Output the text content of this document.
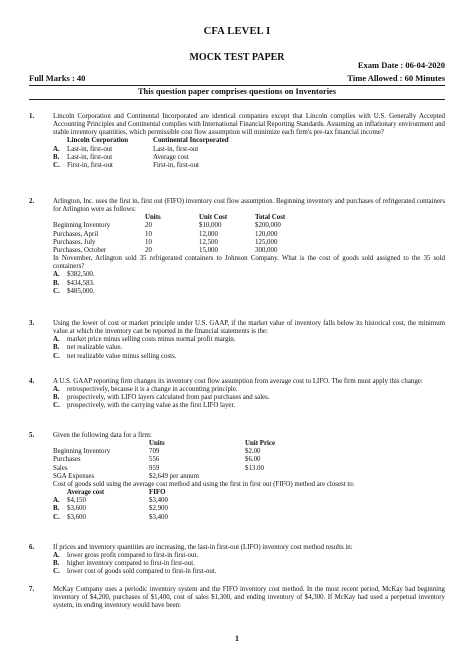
CFA LEVEL I
MOCK TEST PAPER
Exam Date : 06-04-2020
Full Marks : 40	Time Allowed : 60 Minutes
This question paper comprises questions on Inventories
1.	Lincoln Corporation and Continental Incorporated are identical companies except that Lincoln complies with U.S. Generally Accepted Accounting Principles and Continental complies with International Financial Reporting Standards. Assuming an inflationary environment and stable inventory quantities, which permissible cost flow assumption will minimize each firm's pre-tax financial income?
Lincoln Corporation	Continental Incorporated
A.	Last-in, first-out	Last-in, first-out
B.	Last-in, first-out	Average cost
C.	First-in, first-out	First-in, first-out
2.	Arlington, Inc. uses the first in, first out (FIFO) inventory cost flow assumption. Beginning inventory and purchases of refrigerated containers for Arlington were as follows:
Units	Unit Cost	Total Cost
Beginning Inventory	20	$10,000	$200,000
Purchases, April	10	12,000	120,000
Purchases, July	10	12,500	125,000
Purchases, October	20	15,000	300,000
In November, Arlington sold 35 refrigerated containers to Johnson Company. What is the cost of goods sold assigned to the 35 sold containers?
A. $382,500.
B. $434,583.
C. $485,000.
3.	Using the lower of cost or market principle under U.S. GAAP, if the market value of inventory falls below its historical cost, the minimum value at which the inventory can be reported in the financial statements is the:
A. market price minus selling costs minus normal profit margin.
B. net realizable value.
C. net realizable value minus selling costs.
4.	A U.S. GAAP reporting firm changes its inventory cost flow assumption from average cost to LIFO. The firm must apply this change:
A. retrospectively, because it is a change in accounting principle.
B. prospectively, with LIFO layers calculated from past purchases and sales.
C. prospectively, with the carrying value as the first LIFO layer.
5.	Given the following data for a firm:
Units	Unit Price
Beginning Inventory	709	$2.00
Purchases	556	$6.00
Sales	959	$13.00
SGA Expenses	$2,649 per annum
Cost of goods sold using the average cost method and using the first in first out (FIFO) method are closest to:
Average cost	FIFO
A.	$4,150	$3,400
B.	$3,600	$2,900
C.	$3,600	$3,400
6.	If prices and inventory quantities are increasing, the last-in first-out (LIFO) inventory cost method results in:
A. lower gross profit compared to first-in first-out.
B. higher inventory compared to first-in first-out.
C. lower cost of goods sold compared to first-in first-out.
7.	McKay Company uses a periodic inventory system and the FIFO inventory cost method. In the most recent period, McKay had beginning inventory of $4,200, purchases of $1,400, cost of sales $1,300, and ending inventory of $4,300. If McKay had used a perpetual inventory system, its ending inventory would have been:
1
